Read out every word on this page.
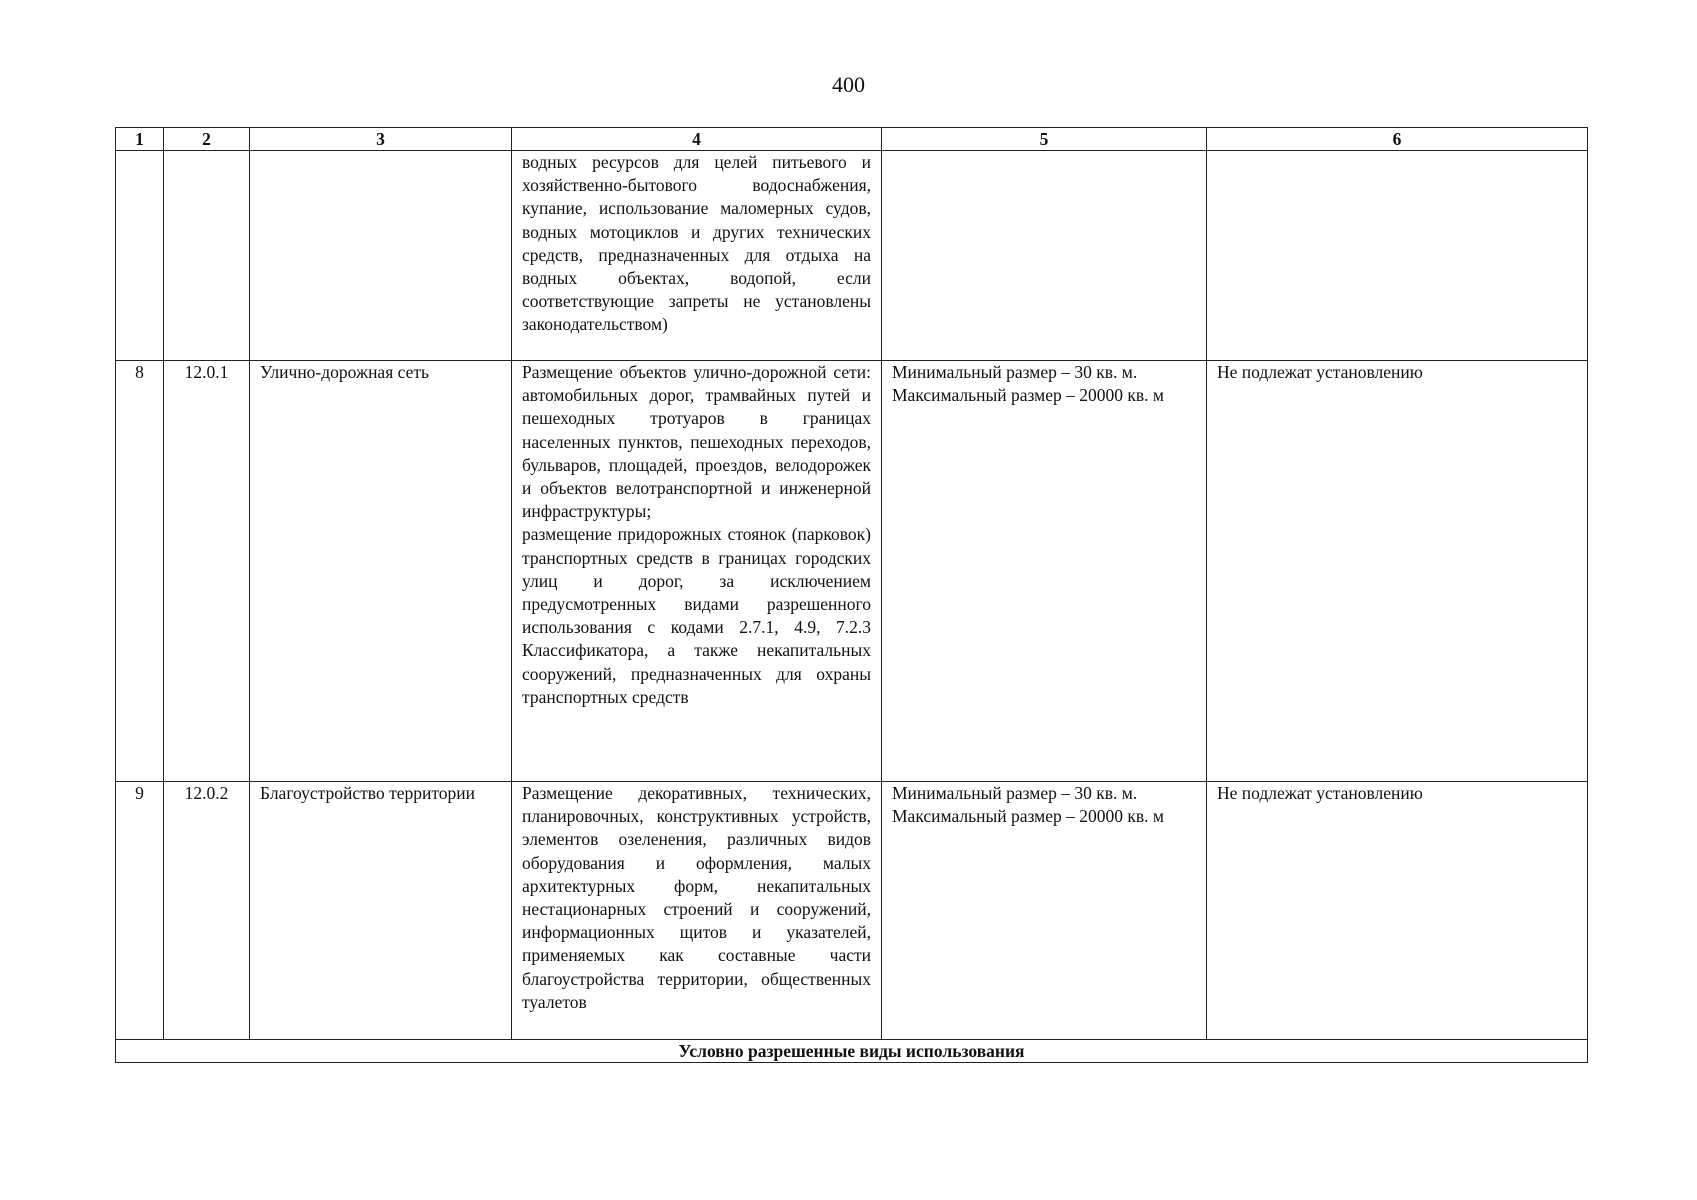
400
1	2	3	4	5	6

			водных ресурсов для целей питьевого и хозяйственно-бытового водоснабжения, купание, использование маломерных судов, водных мотоциклов и других технических средств, предназначенных для отдыха на водных объектах, водопой, если соответствующие запреты не установлены законодательством)		

8	12.0.1	Улично-дорожная сеть	Размещение объектов улично-дорожной сети: автомобильных дорог, трамвайных путей и пешеходных тротуаров в границах населенных пунктов, пешеходных переходов, бульваров, площадей, проездов, велодорожек и объектов велотранспортной и инженерной инфраструктуры;
размещение придорожных стоянок (парковок) транспортных средств в границах городских улиц и дорог, за исключением предусмотренных видами разрешенного использования с кодами 2.7.1, 4.9, 7.2.3 Классификатора, а также некапитальных сооружений, предназначенных для охраны транспортных средств	Минимальный размер – 30 кв. м.
Максимальный размер – 20000 кв. м	Не подлежат установлению
9	12.0.2	Благоустройство территории	Размещение декоративных, технических, планировочных, конструктивных устройств, элементов озеленения, различных видов оборудования и оформления, малых архитектурных форм, некапитальных нестационарных строений и сооружений, информационных щитов и указателей, применяемых как составные части благоустройства территории, общественных туалетов	Минимальный размер – 30 кв. м.
Максимальный размер – 20000 кв. м	Не подлежат установлению
Условно разрешенные виды использования					
